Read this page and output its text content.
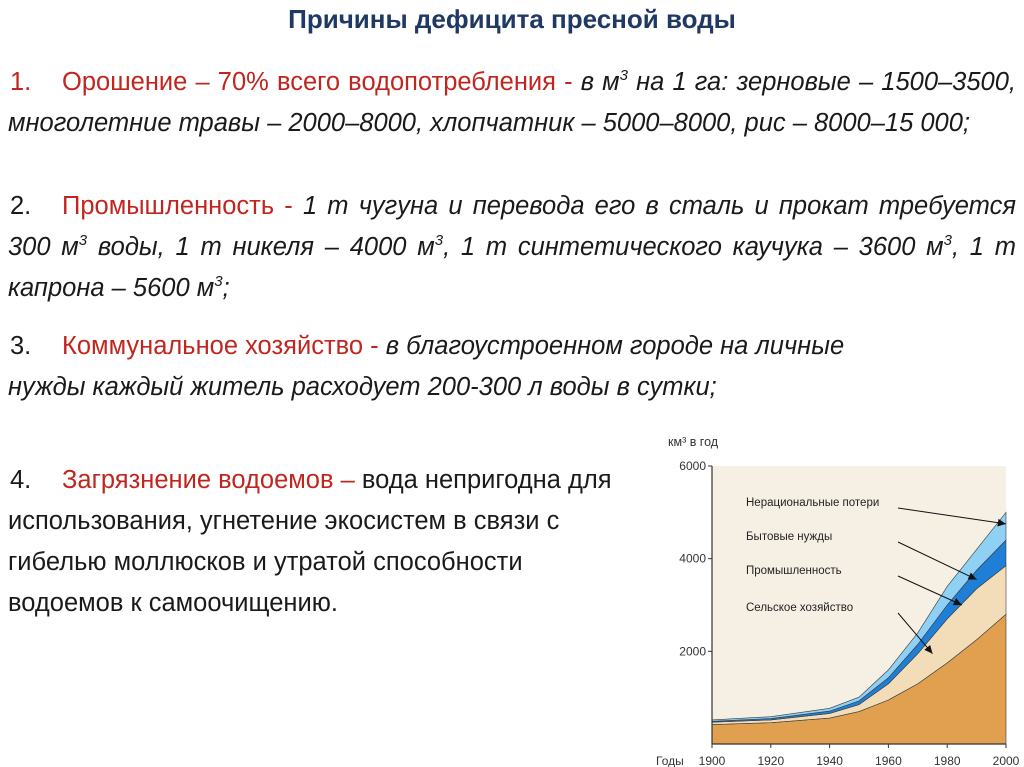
Причины дефицита пресной воды
1. Орошение – 70% всего водопотребления - в $м^3$ на 1 га: зерновые – 1500–3500, многолетние травы – 2000–8000, хлопчатник – 5000–8000, рис – 8000–15 000;
2. Промышленность - 1 т чугуна и перевода его в сталь и прокат требуется 300 $м^3$ воды, 1 т никеля – 4000 $м^3$, 1 т синтетического каучука – 3600 $м^3$, 1 т капрона – 5600 $м^3$;
3. Коммунальное хозяйство - в благоустроенном городе на личные нужды каждый житель расходует 200-300 л воды в сутки;
4. Загрязнение водоемов – вода непригодна для использования, угнетение экосистем в связи с гибелью моллюсков и утратой способности водоемов к самоочищению.
2000
4000
6000
Годы 1900	1920	1940	1960	1980	2000
км³ в год
Нерациональные потери
Бытовые нужды
Промышленность
Сельское хозяйство
